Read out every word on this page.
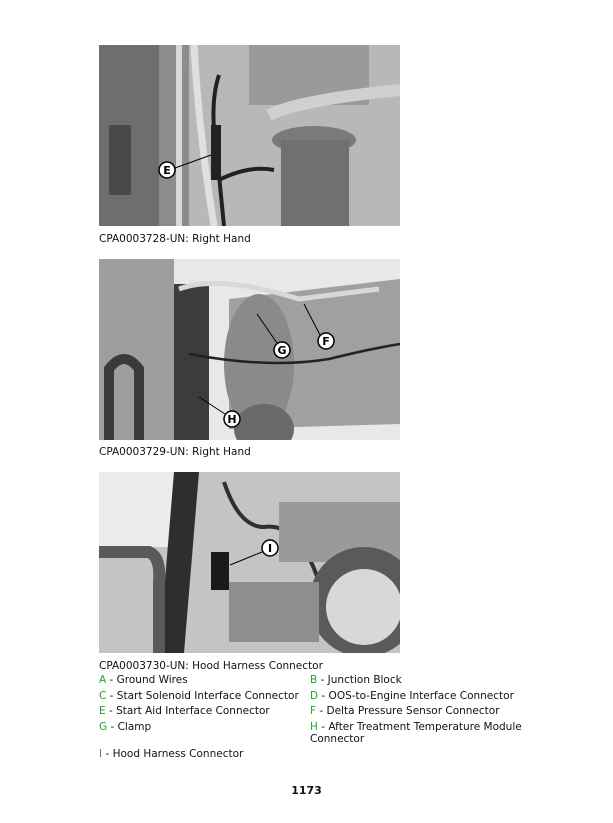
E
CPA0003728-UN: Right Hand
F
G
H
CPA0003729-UN: Right Hand
I
CPA0003730-UN: Hood Harness Connector
A - Ground Wires	B - Junction Block
C - Start Solenoid Interface Connector	D - OOS-to-Engine Interface Connector
E - Start Aid Interface Connector	F - Delta Pressure Sensor Connector
G - Clamp	H - After Treatment Temperature Module Connector
I - Hood Harness Connector
1173
